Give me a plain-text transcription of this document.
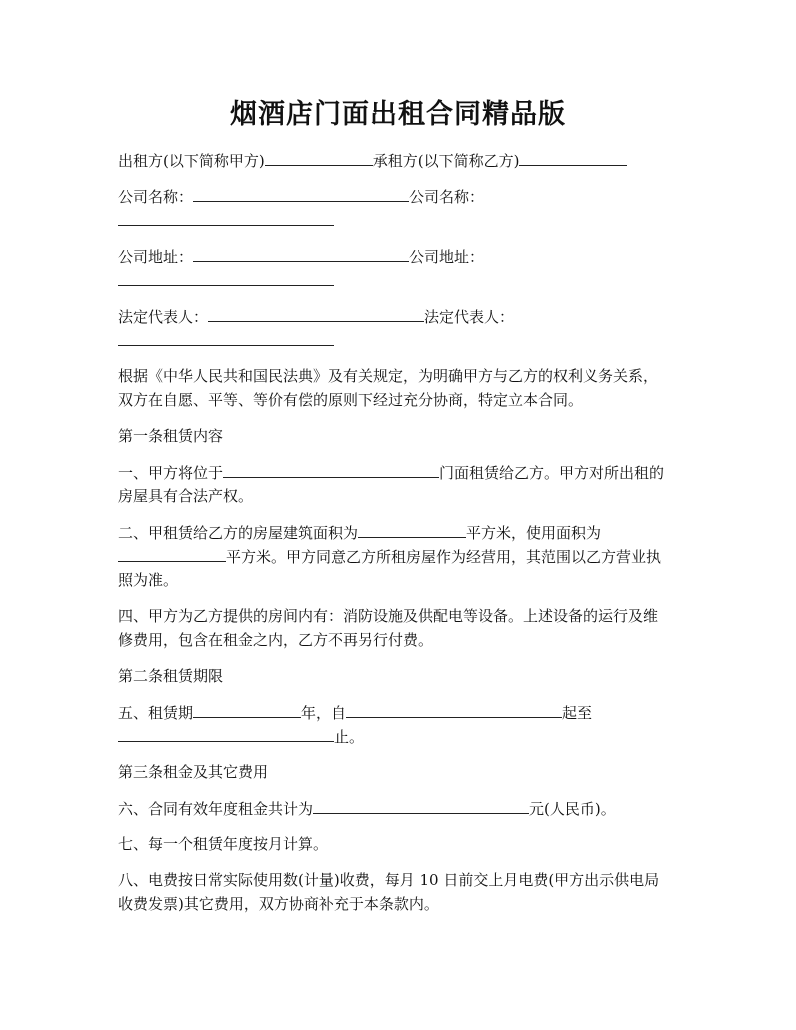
烟酒店门面出租合同精品版
出租方(以下简称甲方)	承租方(以下简称乙方)
公司名称：	公司名称：
公司地址：	公司地址：
法定代表人：	法定代表人：
根据《中华人民共和国民法典》及有关规定，为明确甲方与乙方的权利义务关系，
双方在自愿、平等、等价有偿的原则下经过充分协商，特定立本合同。
第一条租赁内容
一、甲方将位于	门面租赁给乙方。甲方对所出租的
房屋具有合法产权。
二、甲租赁给乙方的房屋建筑面积为	平方米，使用面积为
平方米。甲方同意乙方所租房屋作为经营用，其范围以乙方营业执
照为准。
四、甲方为乙方提供的房间内有：消防设施及供配电等设备。上述设备的运行及维
修费用，包含在租金之内，乙方不再另行付费。
第二条租赁期限
五、租赁期	年，自	起至
止。
第三条租金及其它费用
六、合同有效年度租金共计为	元(人民币)。
七、每一个租赁年度按月计算。
八、电费按日常实际使用数(计量)收费，每月 10 日前交上月电费(甲方出示供电局
收费发票)其它费用，双方协商补充于本条款内。
